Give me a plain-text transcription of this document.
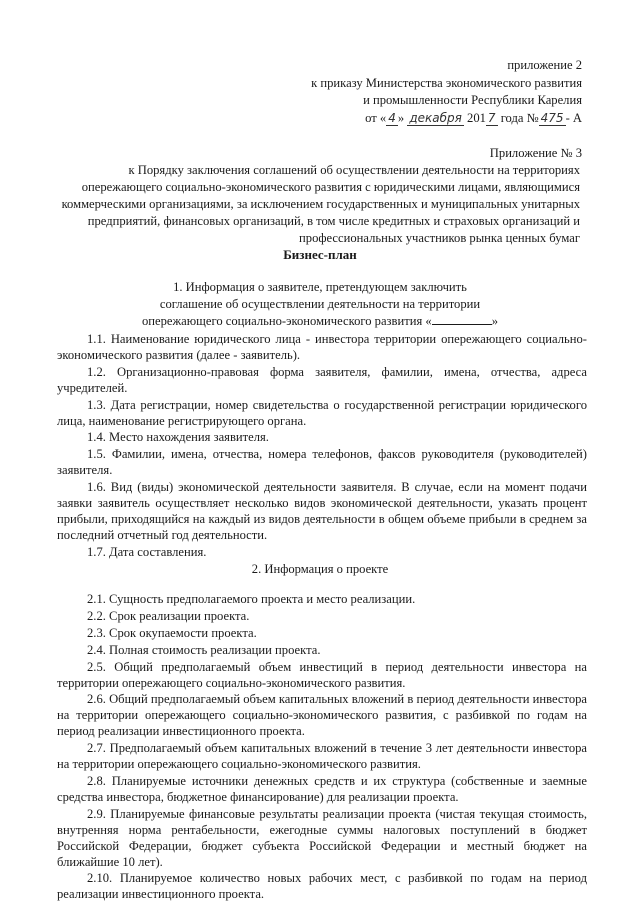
приложение 2
к приказу Министерства экономического развития
и промышленности Республики Карелия
от « 4 » декабря 201 7 года № 475 - А
Приложение № 3
к Порядку заключения соглашений об осуществлении деятельности на территориях
опережающего социально-экономического развития с юридическими лицами, являющимися
коммерческими организациями, за исключением государственных и муниципальных унитарных
предприятий, финансовых организаций, в том числе кредитных и страховых организаций и
профессиональных участников рынка ценных бумаг
Бизнес-план
1. Информация о заявителе, претендующем заключить
соглашение об осуществлении деятельности на территории
опережающего социально-экономического развития «	»

1.1. Наименование юридического лица - инвестора территории опережающего социально-экономического развития (далее - заявитель).

1.2. Организационно-правовая форма заявителя, фамилии, имена, отчества, адреса учредителей.

1.3. Дата регистрации, номер свидетельства о государственной регистрации юридического лица, наименование регистрирующего органа.

1.4. Место нахождения заявителя.

1.5. Фамилии, имена, отчества, номера телефонов, факсов руководителя (руководителей) заявителя.

1.6. Вид (виды) экономической деятельности заявителя. В случае, если на момент подачи заявки заявитель осуществляет несколько видов экономической деятельности, указать процент прибыли, приходящийся на каждый из видов деятельности в общем объеме прибыли в среднем за последний отчетный год деятельности.

1.7. Дата составления.

2. Информация о проекте

2.1. Сущность предполагаемого проекта и место реализации.

2.2. Срок реализации проекта.

2.3. Срок окупаемости проекта.

2.4. Полная стоимость реализации проекта.

2.5. Общий предполагаемый объем инвестиций в период деятельности инвестора на территории опережающего социально-экономического развития.

2.6. Общий предполагаемый объем капитальных вложений в период деятельности инвестора на территории опережающего социально-экономического развития, с разбивкой по годам на период реализации инвестиционного проекта.

2.7. Предполагаемый объем капитальных вложений в течение 3 лет деятельности инвестора на территории опережающего социально-экономического развития.

2.8. Планируемые источники денежных средств и их структура (собственные и заемные средства инвестора, бюджетное финансирование) для реализации проекта.

2.9. Планируемые финансовые результаты реализации проекта (чистая текущая стоимость, внутренняя норма рентабельности, ежегодные суммы налоговых поступлений в бюджет Российской Федерации, бюджет субъекта Российской Федерации и местный бюджет на ближайшие 10 лет).

2.10. Планируемое количество новых рабочих мест, с разбивкой по годам на период реализации инвестиционного проекта.
